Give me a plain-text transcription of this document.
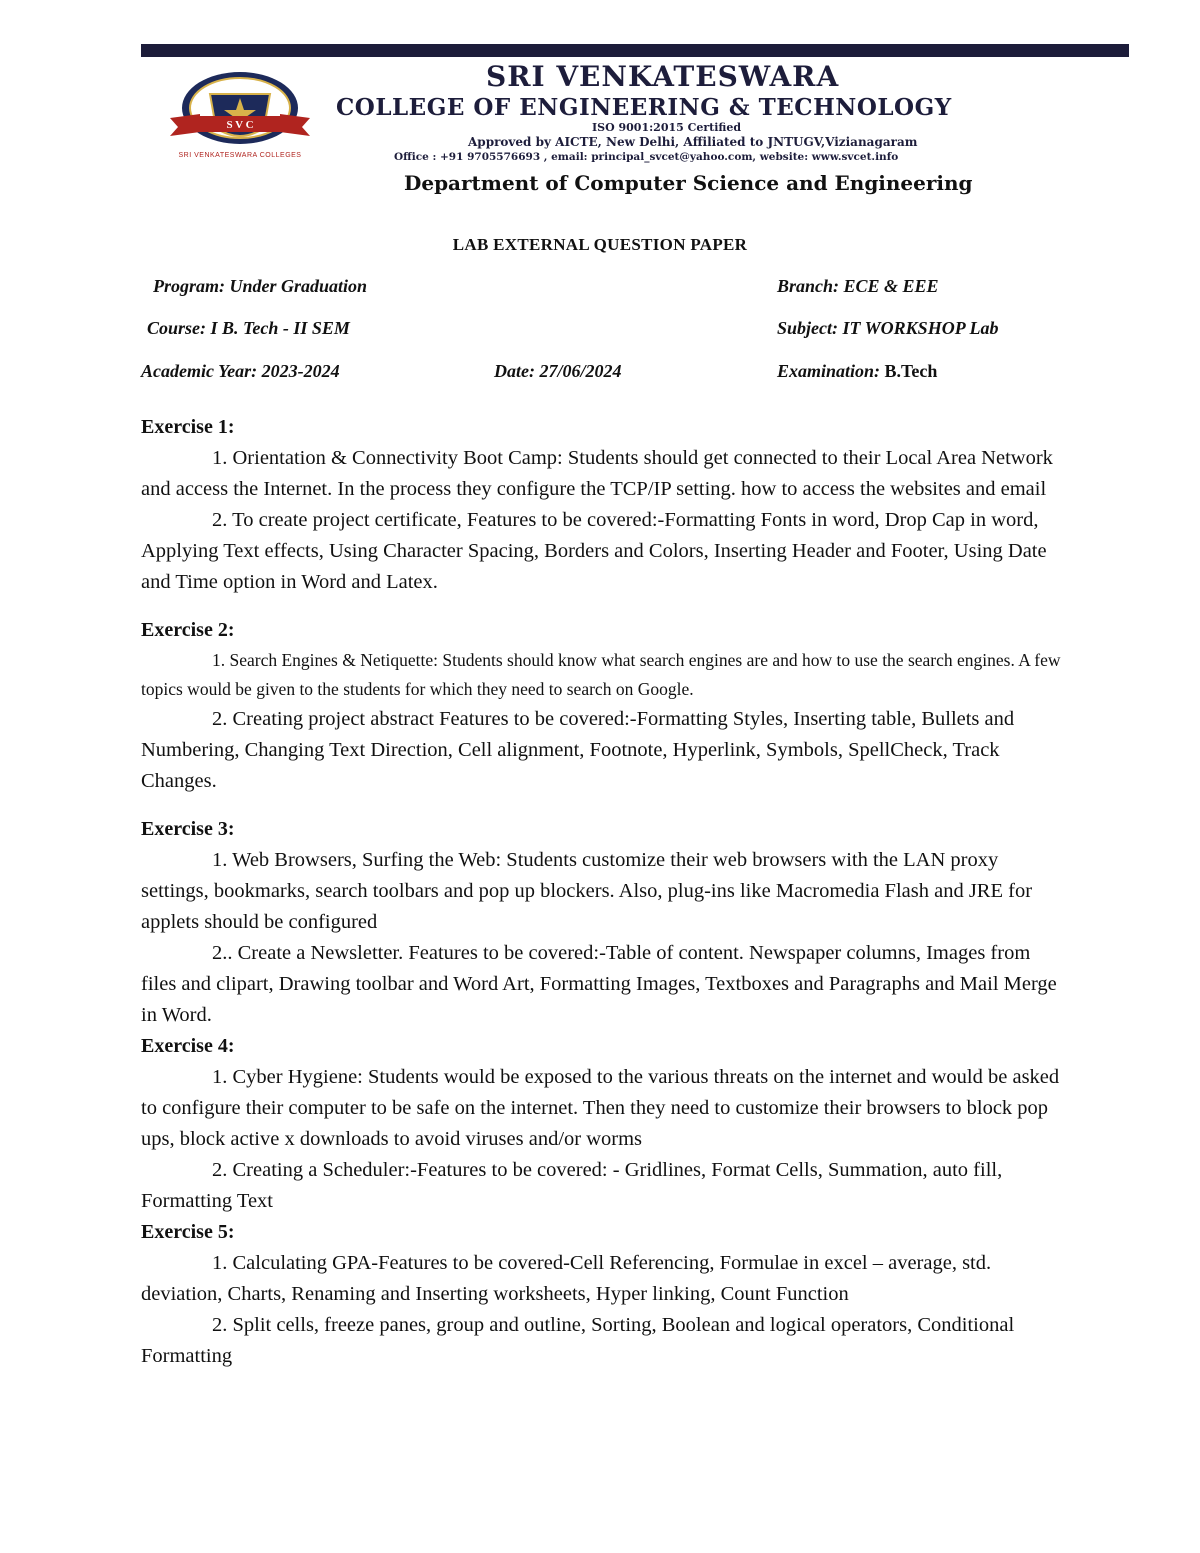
S V C
SRI VENKATESWARA COLLEGES
SRI VENKATESWARA
COLLEGE OF ENGINEERING & TECHNOLOGY
ISO 9001:2015 Certified
Approved by AICTE, New Delhi, Affiliated to JNTUGV,Vizianagaram
Office : +91 9705576693 , email: principal_svcet@yahoo.com, website: www.svcet.info
Department of Computer Science and Engineering
LAB EXTERNAL QUESTION PAPER
Program: Under Graduation	Branch: ECE & EEE
Course: I B. Tech - II SEM	Subject: IT WORKSHOP Lab
Academic Year: 2023-2024	Date: 27/06/2024	Examination: B.Tech
Exercise 1:

1. Orientation & Connectivity Boot Camp: Students should get connected to their Local Area Network and access the Internet. In the process they configure the TCP/IP setting. how to access the websites and email

2. To create project certificate, Features to be covered:-Formatting Fonts in word, Drop Cap in word, Applying Text effects, Using Character Spacing, Borders and Colors, Inserting Header and Footer, Using Date and Time option in Word and Latex.

Exercise 2:

1. Search Engines & Netiquette: Students should know what search engines are and how to use the search engines. A few topics would be given to the students for which they need to search on Google.

2. Creating project abstract Features to be covered:-Formatting Styles, Inserting table, Bullets and Numbering, Changing Text Direction, Cell alignment, Footnote, Hyperlink, Symbols, SpellCheck, Track Changes.

Exercise 3:

1. Web Browsers, Surfing the Web: Students customize their web browsers with the LAN proxy settings, bookmarks, search toolbars and pop up blockers. Also, plug-ins like Macromedia Flash and JRE for applets should be configured

2.. Create a Newsletter. Features to be covered:-Table of content. Newspaper columns, Images from files and clipart, Drawing toolbar and Word Art, Formatting Images, Textboxes and Paragraphs and Mail Merge in Word.

Exercise 4:

1. Cyber Hygiene: Students would be exposed to the various threats on the internet and would be asked to configure their computer to be safe on the internet. Then they need to customize their browsers to block pop ups, block active x downloads to avoid viruses and/or worms

2. Creating a Scheduler:-Features to be covered: - Gridlines, Format Cells, Summation, auto fill, Formatting Text

Exercise 5:

1. Calculating GPA-Features to be covered-Cell Referencing, Formulae in excel – average, std. deviation, Charts, Renaming and Inserting worksheets, Hyper linking, Count Function

2. Split cells, freeze panes, group and outline, Sorting, Boolean and logical operators, Conditional Formatting
